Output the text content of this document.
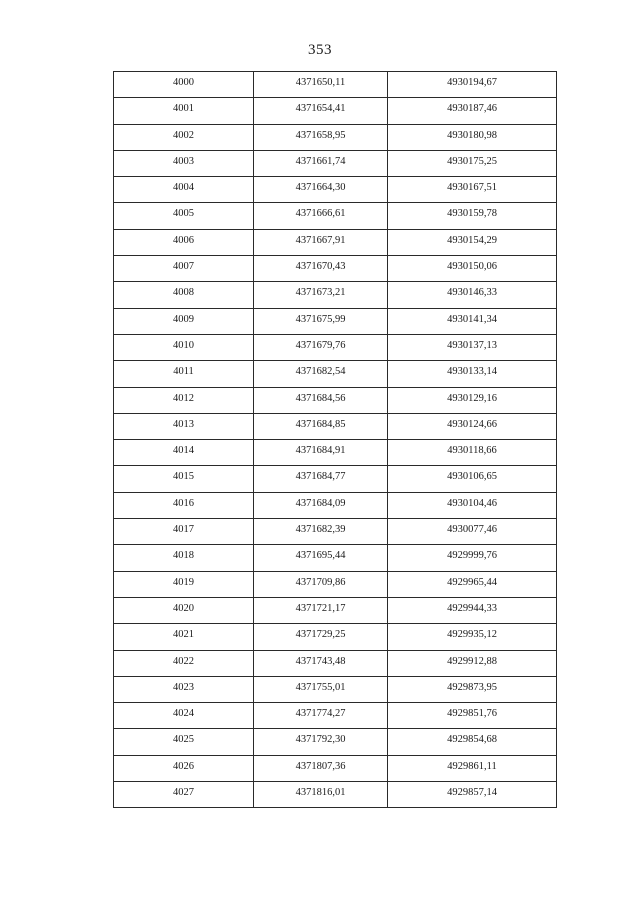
353
4000	4371650,11	4930194,67
4001	4371654,41	4930187,46
4002	4371658,95	4930180,98
4003	4371661,74	4930175,25
4004	4371664,30	4930167,51
4005	4371666,61	4930159,78
4006	4371667,91	4930154,29
4007	4371670,43	4930150,06
4008	4371673,21	4930146,33
4009	4371675,99	4930141,34
4010	4371679,76	4930137,13
4011	4371682,54	4930133,14
4012	4371684,56	4930129,16
4013	4371684,85	4930124,66
4014	4371684,91	4930118,66
4015	4371684,77	4930106,65
4016	4371684,09	4930104,46
4017	4371682,39	4930077,46
4018	4371695,44	4929999,76
4019	4371709,86	4929965,44
4020	4371721,17	4929944,33
4021	4371729,25	4929935,12
4022	4371743,48	4929912,88
4023	4371755,01	4929873,95
4024	4371774,27	4929851,76
4025	4371792,30	4929854,68
4026	4371807,36	4929861,11
4027	4371816,01	4929857,14
